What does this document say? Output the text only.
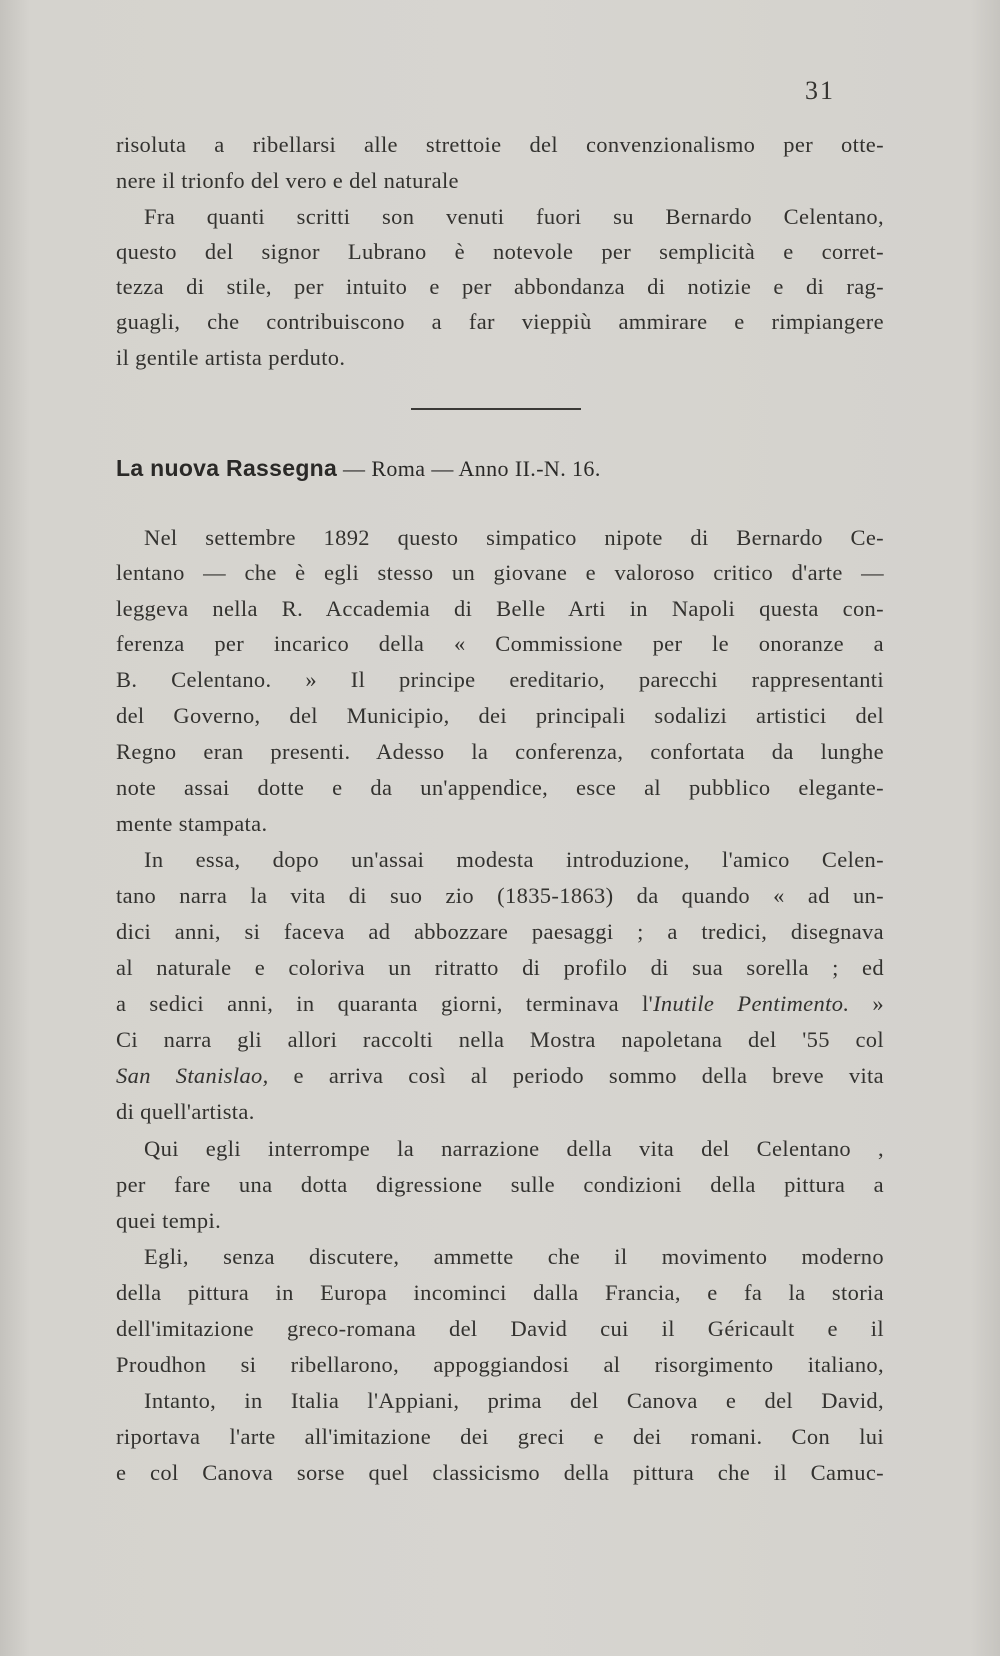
31
risoluta a ribellarsi alle strettoie del convenzionalismo per otte-
nere il trionfo del vero e del naturale
Fra quanti scritti son venuti fuori su Bernardo Celentano,
questo del signor Lubrano è notevole per semplicità e corret-
tezza di stile, per intuito e per abbondanza di notizie e di rag-
guagli, che contribuiscono a far vieppiù ammirare e rimpiangere
il gentile artista perduto.
La nuova Rassegna — Roma — Anno II.-N. 16.
Nel settembre 1892 questo simpatico nipote di Bernardo Ce-
lentano — che è egli stesso un giovane e valoroso critico d'arte —
leggeva nella R. Accademia di Belle Arti in Napoli questa con-
ferenza per incarico della « Commissione per le onoranze a
B. Celentano. » Il principe ereditario, parecchi rappresentanti
del Governo, del Municipio, dei principali sodalizi artistici del
Regno eran presenti. Adesso la conferenza, confortata da lunghe
note assai dotte e da un'appendice, esce al pubblico elegante-
mente stampata.
In essa, dopo un'assai modesta introduzione, l'amico Celen-
tano narra la vita di suo zio (1835-1863) da quando « ad un-
dici anni, si faceva ad abbozzare paesaggi ; a tredici, disegnava
al naturale e coloriva un ritratto di profilo di sua sorella ; ed
a sedici anni, in quaranta giorni, terminava l'Inutile Pentimento. »
Ci narra gli allori raccolti nella Mostra napoletana del '55 col
San Stanislao, e arriva così al periodo sommo della breve vita
di quell'artista.
Qui egli interrompe la narrazione della vita del Celentano ,
per fare una dotta digressione sulle condizioni della pittura a
quei tempi.
Egli, senza discutere, ammette che il movimento moderno
della pittura in Europa incominci dalla Francia, e fa la storia
dell'imitazione greco-romana del David cui il Géricault e il
Proudhon si ribellarono, appoggiandosi al risorgimento italiano,
Intanto, in Italia l'Appiani, prima del Canova e del David,
riportava l'arte all'imitazione dei greci e dei romani. Con lui
e col Canova sorse quel classicismo della pittura che il Camuc-
